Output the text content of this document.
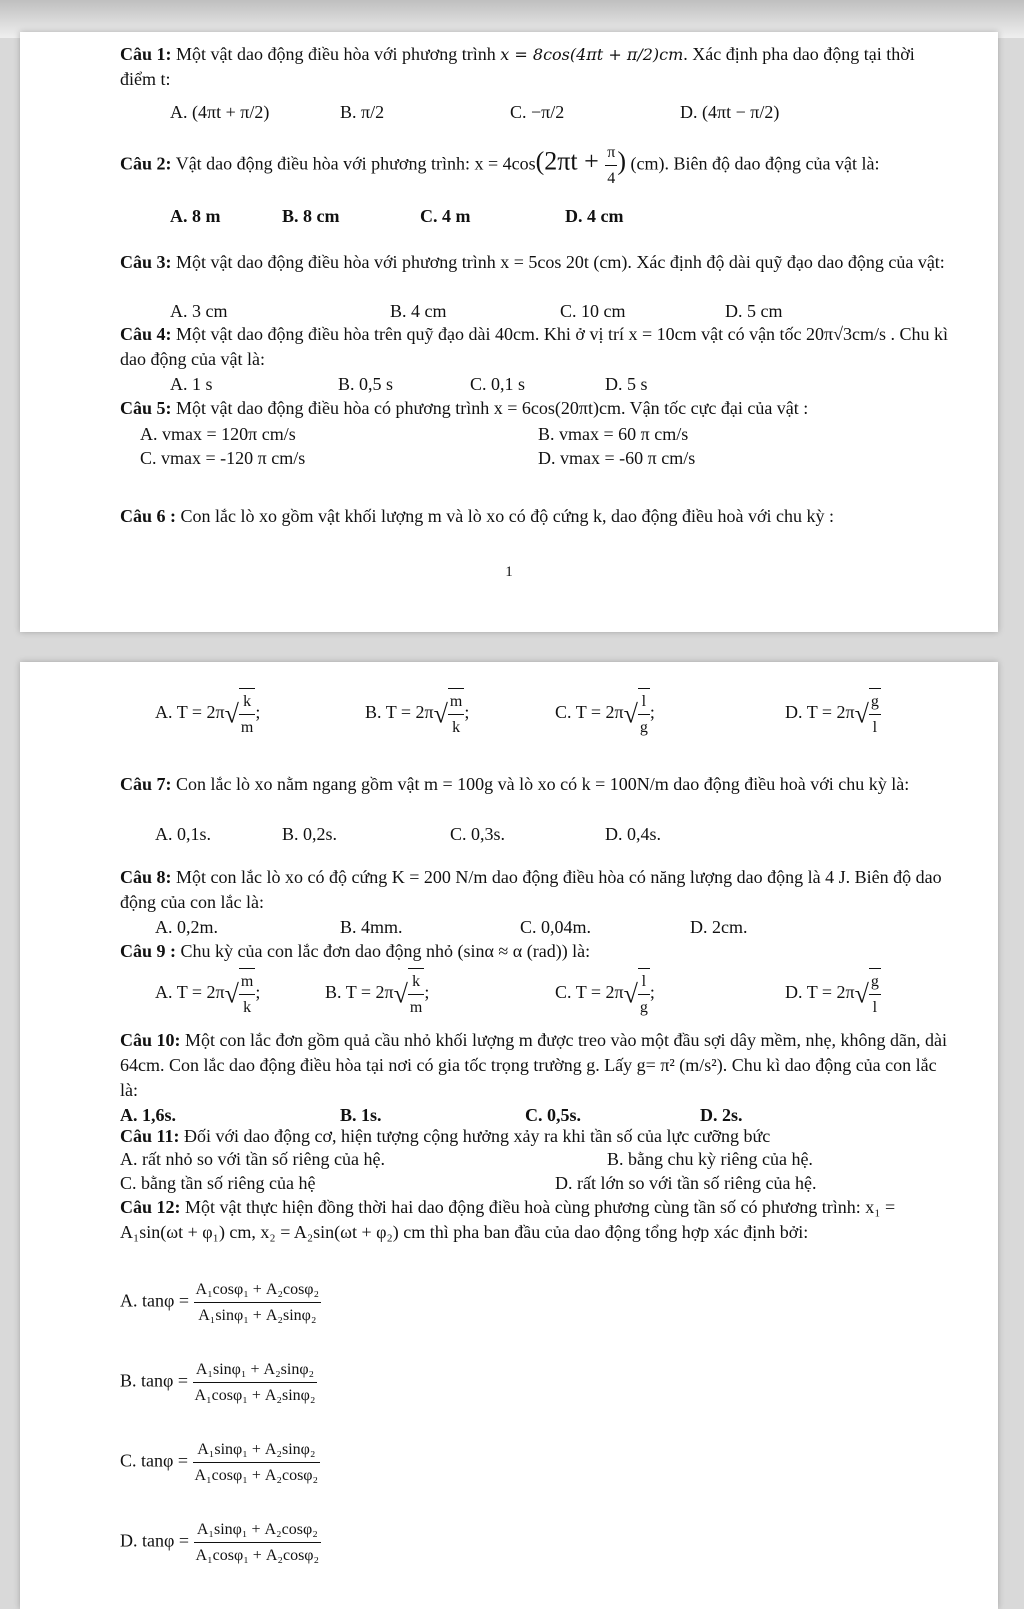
Câu 1: Một vật dao động điều hòa với phương trình x = 8cos(4πt + π/2)cm. Xác định pha dao động tại thời điểm t:
A. (4πt + π/2)	B. π/2	C. −π/2	D. (4πt − π/2)
Câu 2: Vật dao động điều hòa với phương trình: $x = 4\cos(2\pi t + \frac{\pi}{4}$ ) (cm). Biên độ dao động của vật là:
A. 8 m	B. 8 cm	C. 4 m	D. 4 cm
Câu 3: Một vật dao động điều hòa với phương trình x = 5cos 20t (cm). Xác định độ dài quỹ đạo dao động của vật:
A. 3 cm	B. 4 cm	C. 10 cm	D. 5 cm
Câu 4: Một vật dao động điều hòa trên quỹ đạo dài 40cm. Khi ở vị trí x = 10cm vật có vận tốc 20π√3cm/s . Chu kì dao động của vật là:
A. 1 s	B. 0,5 s	C. 0,1 s	D. 5 s
Câu 5: Một vật dao động điều hòa có phương trình x = 6cos(20πt)cm. Vận tốc cực đại của vật :
A. vmax = 120π cm/s	B. vmax = 60 π cm/s
C. vmax = -120 π cm/s	D. vmax = -60 π cm/s
Câu 6 : Con lắc lò xo gồm vật khối lượng m và lò xo có độ cứng k, dao động điều hoà với chu kỳ :
1
A. $T = 2\pi√ \frac{k}{m}$ ;	B. $T = 2\pi√ \frac{m}{k}$ ;	C. $T = 2\pi√ \frac{l}{g}$ ;	D. $T = 2\pi√ \frac{g}{l}$
Câu 7: Con lắc lò xo nằm ngang gồm vật m = 100g và lò xo có k = 100N/m dao động điều hoà với chu kỳ là:
A. 0,1s.	B. 0,2s.	C. 0,3s.	D. 0,4s.
Câu 8: Một con lắc lò xo có độ cứng K = 200 N/m dao động điều hòa có năng lượng dao động là 4 J. Biên độ dao động của con lắc là:
A. 0,2m.	B. 4mm.	C. 0,04m.	D. 2cm.
Câu 9 : Chu kỳ của con lắc đơn dao động nhỏ (sinα ≈ α (rad)) là:
A. $T = 2\pi√ \frac{m}{k}$ ;	B. $T = 2\pi√ \frac{k}{m}$ ;	C. $T = 2\pi√ \frac{l}{g}$ ;	D. $T = 2\pi√ \frac{g}{l}$
Câu 10: Một con lắc đơn gồm quả cầu nhỏ khối lượng m được treo vào một đầu sợi dây mềm, nhẹ, không dãn, dài 64cm. Con lắc dao động điều hòa tại nơi có gia tốc trọng trường g. Lấy g= π² (m/s²). Chu kì dao động của con lắc là:
A. 1,6s.	B. 1s.	C. 0,5s.	D. 2s.
Câu 11: Đối với dao động cơ, hiện tượng cộng hưởng xảy ra khi tần số của lực cưỡng bức
A. rất nhỏ so với tần số riêng của hệ.	B. bằng chu kỳ riêng của hệ.
C. bằng tần số riêng của hệ	D. rất lớn so với tần số riêng của hệ.
Câu 12: Một vật thực hiện đồng thời hai dao động điều hoà cùng phương cùng tần số có phương trình: x₁ = A₁sin(ωt + φ₁) cm, x₂ = A₂sin(ωt + φ₂) cm thì pha ban đầu của dao động tổng hợp xác định bởi:
A. $\tan\varphi = \frac{\text{A₁cosφ₁ + A₂cosφ₂}}{\text{A₁sinφ₁ + A₂sinφ₂}}$
B. $\tan\varphi = \frac{\text{A₁sinφ₁ + A₂sinφ₂}}{\text{A₁cosφ₁ + A₂sinφ₂}}$
C. $\tan\varphi = \frac{\text{A₁sinφ₁ + A₂sinφ₂}}{\text{A₁cosφ₁ + A₂cosφ₂}}$
D. $\tan\varphi = \frac{\text{A₁sinφ₁ + A₂cosφ₂}}{\text{A₁cosφ₁ + A₂cosφ₂}}$
